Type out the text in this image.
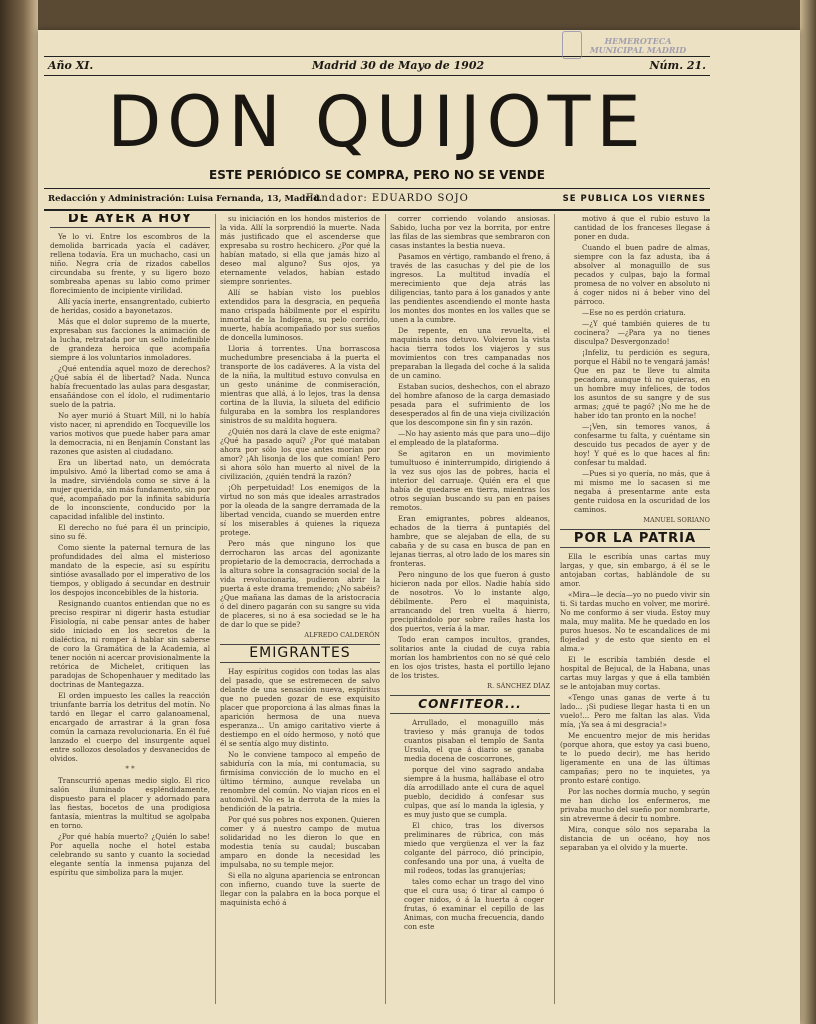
Año XI.	Madrid 30 de Mayo de 1902	Núm. 21.
HEMEROTECA MUNICIPAL MADRID
DON QUIJOTE
ESTE PERIÓDICO SE COMPRA, PERO NO SE VENDE
Redacción y Administración: Luisa Fernanda, 13, Madrid.
Fundador: EDUARDO SOJO	SE PUBLICA LOS VIERNES
DE AYER A HOY

Ye lo vi. Entre los escombros de la demolida barricada yacía el cadáver, rellena todavía. Era un muchacho, casi un niño. Negra cría de rizados cabellos circundaba su frente, y su ligero bozo sombreaba apenas su labio como primer florecimiento de incipiente virilidad.

Allí yacía inerte, ensangrentado, cubierto de heridas, cosido a bayonetazos.

Más que el dolor supremo de la muerte, expresaban sus facciones la animación de la lucha, retratada por un sello indefinible de grandeza heroica que acompaña siempre á los voluntarios inmoladores.

¿Qué entendía aquel mozo de derechos? ¿Qué sabía él de libertad? Nada. Nunca había frecuentado las aulas para desgastar, ensañándose con el ídolo, el rudimentario suelo de la patria.

No ayer murió á Stuart Mill, ni lo había visto nacer, ni aprendido en Tocqueville los varios motivos que puede haber para amar la democracia, ni en Benjamín Constant las razones que asisten al ciudadano.

Era un libertad nato, un demócrata impulsivo. Amó la libertad como se ama á la madre, sirviéndola como se sirve á la mujer querida, sin más fundamento, sin por qué, acompañado por la infinita sabiduría de lo inconsciente, conducido por la capacidad infalible del instinto.

El derecho no fué para él un principio, sino su fé.

Como siente la paternal ternura de las profundidades del alma el misterioso mandato de la especie, así su espíritu sintióse avasallado por el imperativo de los tiempos, y obligado á secundar en destruir los despojos inconcebibles de la historia.

Resignando cuantos entiendan que no es preciso respirar ni digerir hasta estudiar Fisiología, ni cabe pensar antes de haber sido iniciado en los secretos de la dialéctica, ni romper á hablar sin saberse de coro la Gramática de la Academia, al tener noción ni acercar provisionalmente la retórica de Michelet, critiquen las paradojas de Schopenhauer y meditado las doctrinas de Mantegazza.

El orden impuesto les calles la reacción triunfante barría los detritus del motín. No tardó en llegar el carro galanoamenal, encargado de arrastrar á la gran fosa común la carnaza revolucionaria. En él fué lanzado el cuerpo del insurgente aquel entre sollozos desolados y desvanecidos de olvidos.

* *

Transcurrió apenas medio siglo. El rico salón iluminado espléndidamente, dispuesto para el placer y adornado para las fiestas, bocetos de una prodigiosa fantasía, mientras la multitud se agolpaba en torno.

¿Por qué había muerto? ¿Quién lo sabe! Por aquella noche el hotel estaba celebrando su santo y cuanto la sociedad elegante sentía la inmensa pujanza del espíritu que simboliza para la mujer.

su iniciación en los hondos misterios de la vida. Allí la sorprendió la muerte. Nada más justificado que el ascenderse que expresaba su rostro hechicero. ¿Por qué la habían matado, si ella que jamás hizo al deseo mal alguno? Sus ojos, ya eternamente velados, habían estado siempre sonrientes.

Allí se habían visto los pueblos extendidos para la desgracia, en pequeña mano crispada hábilmente por el espíritu inmortal de la Indígena, su pelo corrido, muerte, había acompañado por sus sueños de doncella luminosos.

Lloria á torrentes. Una borrascosa muchedumbre presenciaba á la puerta el transporte de los cadáveres. A la vista del de la niña, la multitud estuvo convulsa en un gesto unánime de conmiseración, mientras que allá, á lo lejos, tras la densa cortina de la lluvia, la silueta del edificio fulguraba en la sombra los resplandores sinistros de su maldita hoguera.

¿Quién nos dará la clave de este enigma? ¿Qué ha pasado aquí? ¿Por qué mataban ahora por sólo los que antes morían por amor? ¡Ah lisonja de los que comían! Pero si ahora sólo han muerto al nivel de la civilización, ¿quién tendrá la razón?

¡Oh perpetuidad! Los enemigos de la virtud no son más que ideales arrastrados por la oleada de la sangre derramada de la libertad vencida, cuando se muerden entre sí los miserables á quienes la riqueza protege.

Pero más que ninguno los que derrocharon las arcas del agonizante propietario de la democracia, derrochada a la altura sobre la consagración social de la vida revolucionaria, pudieron abrir la puerta á este drama tremendo; ¿No sabéis? ¿Que mañana las damas de la aristocracia ó del dinero pagarán con su sangre su vida de placeres, si no á esa sociedad se le ha de dar lo que se pide?

ALFREDO CALDERÓN
EMIGRANTES

Hay espíritus cogidos con todas las alas del pasado, que se estremecen de salvo delante de una sensación nueva, espíritus que no pueden gozar de ese exquisito placer que proporciona á las almas finas la aparición hermosa de una nueva esperanza... Un amigo caritativo vierte á destiempo en el oído hermoso, y notó que él se sentía algo muy distinto.

No le conviene tampoco al empeño de sabiduría con la mía, mi contumacia, su firmísima convicción de lo mucho en el último término, aunque revelaba un renombre del común. No viajan ricos en el automóvil. No es la derrota de la mies la bendición de la patria.

Por qué sus pobres nos exponen. Quieren comer y á nuestro campo de mutua solidaridad no les dieron lo que en modestia tenía su caudal; buscaban amparo en donde la necesidad les impulsaba, no su temple mejor.

Si ella no alguna apariencia se entroncan con infierno, cuando tuve la suerte de llegar con la palabra en la boca porque el maquinista echó á

correr corriendo volando ansiosas. Sabido, lucha por vez la borrita, por entre las filas de las siembras que sembraron con casas instantes la bestia nueva.

Pasamos en vértigo, rambando el freno, á través de las casuchas y del pie de los ingresos. La multitud invadía el merecimiento que deja atrás las diligencias, tanto para á los ganados y ante las pendientes ascendiendo el monte hasta los montes dos montes en los valles que se unen a la cumbre.

De repente, en una revuelta, el maquinista nos detuvo. Volvieron la vista hacia tierra todos los viajeros y sus movimientos con tres campanadas nos preparaban la llegada del coche á la salida de un camino.

Estaban sucios, deshechos, con el abrazo del hombre afanoso de la carga demasiado pesada para el sufrimiento de los desesperados al fin de una vieja civilización que los descompone sin fin y sin razón.

—No hay asiento más que para uno—dijo el empleado de la plataforma.

Se agitaron en un movimiento tumultuoso é ininterrumpido, dirigiendo á la vez sus ojos las de pobres, hacia el interior del carruaje. Quién era el que había de quedarse en tierra, mientras los otros seguían buscando su pan en países remotos.

Eran emigrantes, pobres aldeanos, echados de la tierra á puntapiés del hambre, que se alejaban de ella, de su cabaña y de su casa en busca de pan en lejanas tierras, al otro lado de los mares sin fronteras.

Pero ninguno de los que fueron á gusto hicieron nada por ellos. Nadie había sido de nosotros. Vo lo instante algo, débilmente. Pero el maquinista, arrancando del tren vuelta á hierro, precipitándolo por sobre raíles hasta los dos puertos, vería á la mar.

Todo eran campos incultos, grandes, solitarios ante la ciudad de cuya rabia morían los hambrientos con no sé qué celo en los ojos tristes, hasta el portillo lejano de los tristes.

R. SÁNCHEZ DÍAZ
CONFITEOR...

Arrullado, el monaguillo más travieso y más granuja de todos cuantos pisaban el templo de Santa Ursula, el que á diario se ganaba media docena de coscorrones,

porque del vino sagrado andaba siempre á la husma, hallábase el otro día arrodillado ante el cura de aquel pueblo, decidido á confesar sus culpas, que así lo manda la iglesia, y es muy justo que se cumpla.

El chico, tras los diversos preliminares de rúbrica, con más miedo que vergüenza el ver la faz colgante del párroco, dió principio, confesando una por una, á vuelta de mil rodeos, todas las granujerías;

tales como echar un trago del vino que el cura usa; ó tirar al campo ó coger nidos, ó á la huerta á coger frutas, ó examinar el cepillo de las Animas, con mucha frecuencia, dando con este

motivo á que el rubio estuvo la cantidad de los franceses llegase á poner en duda.

Cuando el buen padre de almas, siempre con la faz adusta, iba á absolver al monaguillo de sus pecados y culpas, bajo la formal promesa de no volver en absoluto ni á coger nidos ni á beber vino del párroco.

—Ese no es perdón criatura.

—¿Y qué también quieres de tu cocinera? —¿Para ya no tienes disculpa? Desvergonzado!

¡Infeliz, tu perdición es segura, porque el Hábil no te vengará jamás! Que en paz te lleve tu almita pecadora, aunque tú no quieras, en un hombre muy infelices, de todos los asuntos de su sangre y de sus armas; ¿qué te pagó? ¡No me he de haber ido tan pronto en la noche!

—¡Ven, sin temores vanos, á confesarme tu falta, y cuéntame sin descuido tus pecados de ayer y de hoy! Y qué es lo que haces al fin: confesar tu maldad.

—Pues si yo quería, no más, que á mi mismo me lo sacasen si me negaba á presentarme ante esta gente ruidosa en la oscuridad de los caminos.

MANUEL SORIANO
POR LA PATRIA

Ella le escribía unas cartas muy largas, y que, sin embargo, á él se le antojaban cortas, hablándole de su amor.

«Mira—le decía—yo no puedo vivir sin ti. Si tardas mucho en volver, me moriré. No me conformo á ser viuda. Estoy muy mala, muy malita. Me he quedado en los puros huesos. No te escandalices de mi flojedad y de esto que siento en el alma.»

El le escribía también desde el hospital de Bejucal, de la Habana, unas cartas muy largas y que á ella también se le antojaban muy cortas.

«Tengo unas ganas de verte á tu lado... ¡Si pudiese llegar hasta ti en un vuelo!... Pero me faltan las alas. Vida mía, ¡Ya sea á mi desgracia!»

Me encuentro mejor de mis heridas (porque ahora, que estoy ya casi bueno, te lo puedo decir), me has herido ligeramente en una de las últimas campañas; pero no te inquietes, ya pronto estaré contigo.

Por las noches dormía mucho, y según me han dicho los enfermeros, me privaba mucho del sueño por nombrarte, sin atreverme á decir tu nombre.

Mira, conque sólo nos separaba la distancia de un océano, hoy nos separaban ya el olvido y la muerte.
